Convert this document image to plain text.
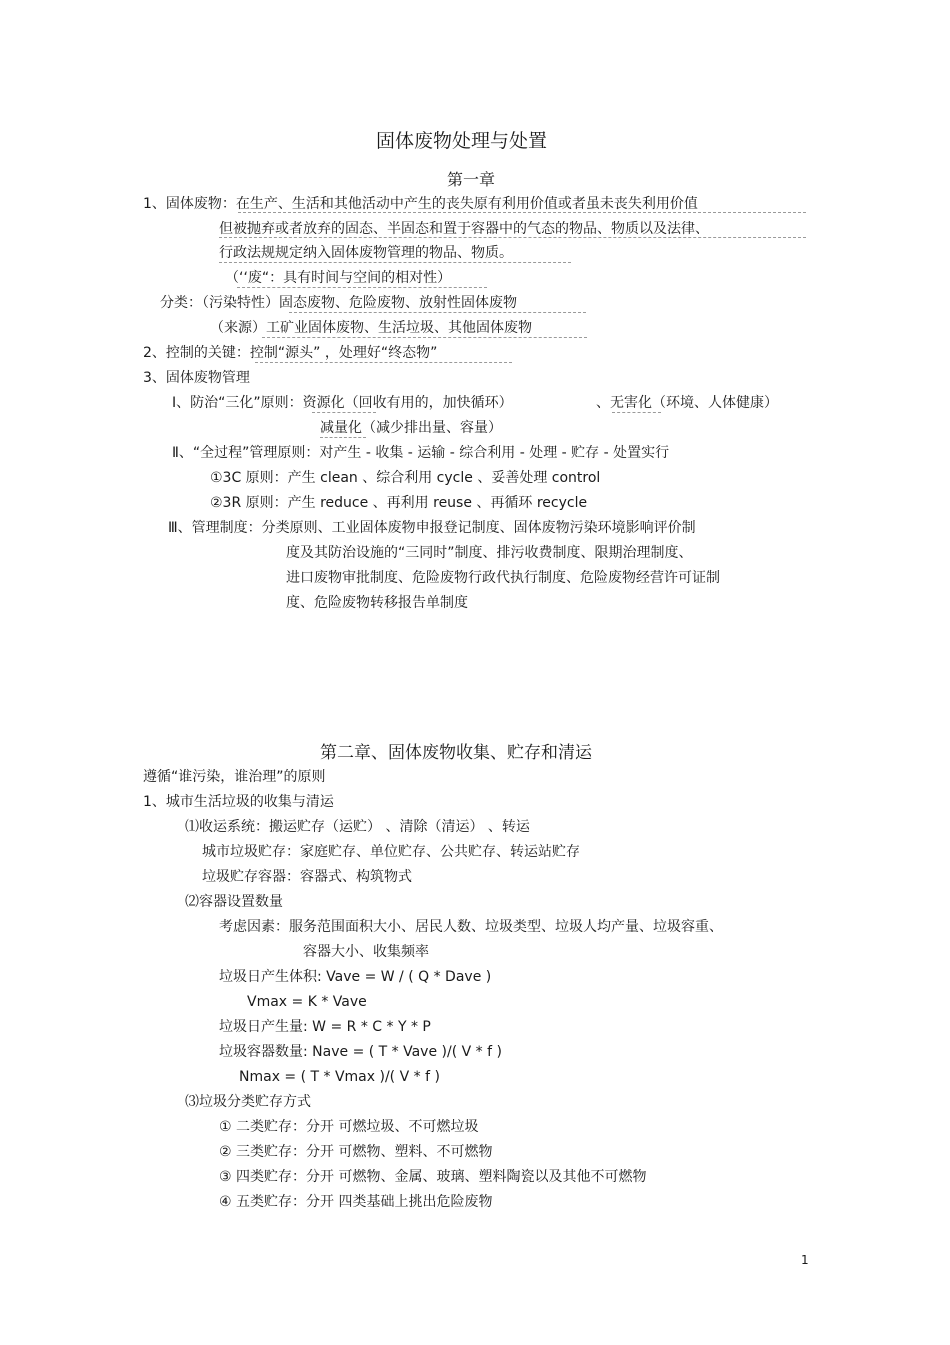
固体废物处理与处置
第一章
1、固体废物：在生产、生活和其他活动中产生的丧失原有利用价值或者虽未丧失利用价值
但被抛弃或者放弃的固态、半固态和置于容器中的气态的物品、物质以及法律、
行政法规规定纳入固体废物管理的物品、物质。
（‘‘废“：具有时间与空间的相对性）
分类：（污染特性）固态废物、危险废物、放射性固体废物
（来源）工矿业固体废物、生活垃圾、其他固体废物
2、控制的关键：控制“源头” ，处理好“终态物”
3、固体废物管理
Ⅰ、防治“三化”原则：资源化（回收有用的，加快循环）	、无害化（环境、人体健康）
减量化（减少排出量、容量）
Ⅱ、“全过程”管理原则：对产生 - 收集 - 运输 - 综合利用 - 处理 - 贮存 - 处置实行
①3C 原则：产生 clean 、综合利用 cycle 、妥善处理 control
②3R 原则：产生 reduce 、再利用 reuse 、再循环 recycle
Ⅲ、管理制度：分类原则、工业固体废物申报登记制度、固体废物污染环境影响评价制
度及其防治设施的“三同时”制度、排污收费制度、限期治理制度、
进口废物审批制度、危险废物行政代执行制度、危险废物经营许可证制
度、危险废物转移报告单制度
第二章、固体废物收集、贮存和清运
遵循“谁污染，谁治理”的原则
1、城市生活垃圾的收集与清运
⑴收运系统：搬运贮存（运贮） 、清除（清运） 、转运
城市垃圾贮存：家庭贮存、单位贮存、公共贮存、转运站贮存
垃圾贮存容器：容器式、构筑物式
⑵容器设置数量
考虑因素：服务范围面积大小、居民人数、垃圾类型、垃圾人均产量、垃圾容重、
容器大小、收集频率
垃圾日产生体积: Vave = W / ( Q * Dave )
Vmax = K * Vave
垃圾日产生量: W = R * C * Y * P
垃圾容器数量: Nave = ( T * Vave )/( V * f )
Nmax = ( T * Vmax )/( V * f )
⑶垃圾分类贮存方式
① 二类贮存：分开 可燃垃圾、不可燃垃圾
② 三类贮存：分开 可燃物、塑料、不可燃物
③ 四类贮存：分开 可燃物、金属、玻璃、塑料陶瓷以及其他不可燃物
④ 五类贮存：分开 四类基础上挑出危险废物
1
